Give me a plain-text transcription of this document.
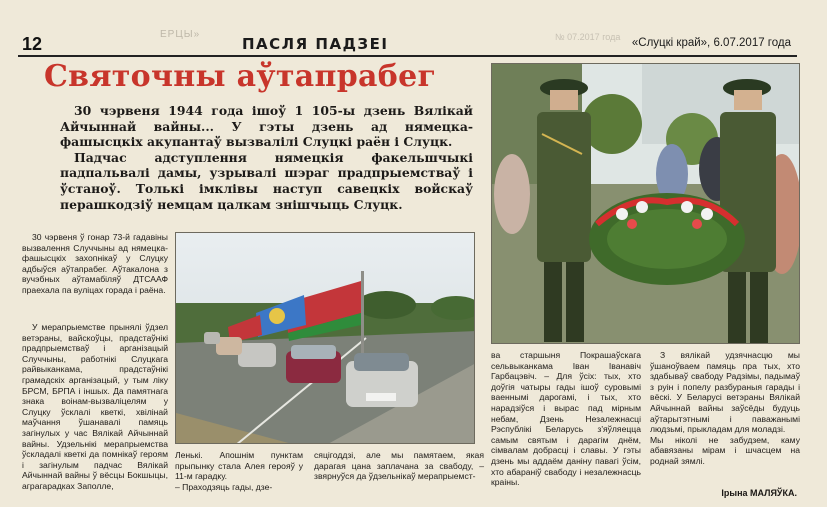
ЕРЦЫ»	№ 07.2017 года
12	ПАСЛЯ ПАДЗЕІ	«Слуцкі край», 6.07.2017 года
Святочны аўтапрабег

30 чэрвеня 1944 года ішоў 1 105-ы дзень Вялікай Айчыннай вайны... У гэты дзень ад нямецка-фашысцкіх акупантаў вызвалілі Слуцкі раён і Слуцк.

Падчас адступлення нямецкія факельшчыкі падпальвалі дамы, узрывалі шэраг прадпрыемстваў і ўстаноў. Толькі імклівы наступ савецкіх войскаў перашкодзіў немцам цалкам знішчыць Слуцк.

30 чэрвеня ў гонар 73-й гадавіны вызвалення Случчыны ад нямецка-фашысцкіх захопнікаў у Слуцку адбыўся аўтапрабег. Аўтакалона з вучэбных аўтамабіляў ДТСААФ праехала па вуліцах горада і раёна.

У мерапрыемстве прынялі ўдзел ветэраны, вайскоўцы, прадстаўнікі прадпрыемстваў і арганізацый Случчыны, работнікі Слуцкага райвыканкама, прадстаўнікі грамадскіх арганізацый, у тым ліку БРСМ, БРПА і іншых. Да памятнага знака воінам-вызваліцелям у Слуцку ўсклалі кветкі, хвілінай маўчання ўшанавалі памяць загінулых у час Вялікай Айчыннай вайны. Удзельнікі мерапрыемства ўскладалі кветкі да помнікаў героям і загінулым падчас Вялікай Айчыннай вайны ў вёсцы Бокшыцы, аграгарадках Заполле,

Ленькі. Апошнім пунктам прыпынку стала Алея герояў у 11-м гарадку.
– Праходзяць гады, дзе-

сяцігоддзі, але мы памятаем, якая дарагая цана заплачана за свабоду, – звярнуўся да ўдзельнікаў мерапрыемст-

ва старшыня Покрашаўскага сельвыканкама Іван Іванавіч Гарбацэвіч. – Для ўсіх: тых, хто доўгія чатыры гады ішоў суровымі ваеннымі дарогамі, і тых, хто нарадзіўся і вырас пад мірным небам, Дзень Незалежнасці Рэспублікі Беларусь з'яўляецца самым святым і дарагім днём, сімвалам добрасці і славы. У гэты дзень мы аддаём даніну павагі ўсім, хто абараніў свабоду і незалежнасць краіны.

З вялікай удзячнасцю мы ўшаноўваем памяць пра тых, хто здабываў свабоду Радзімы, падымаў з руін і попелу разбураныя гарады і вёскі. У Беларусі ветэраны Вялікай Айчыннай вайны заўсёды будуць аўтарытэтнымі і паважанымі людзьмі, прыкладам для моладзі.
Мы ніколі не забудзем, каму абавязаны мірам і шчасцем на роднай зямлі.

Ірына МАЛЯЎКА.
